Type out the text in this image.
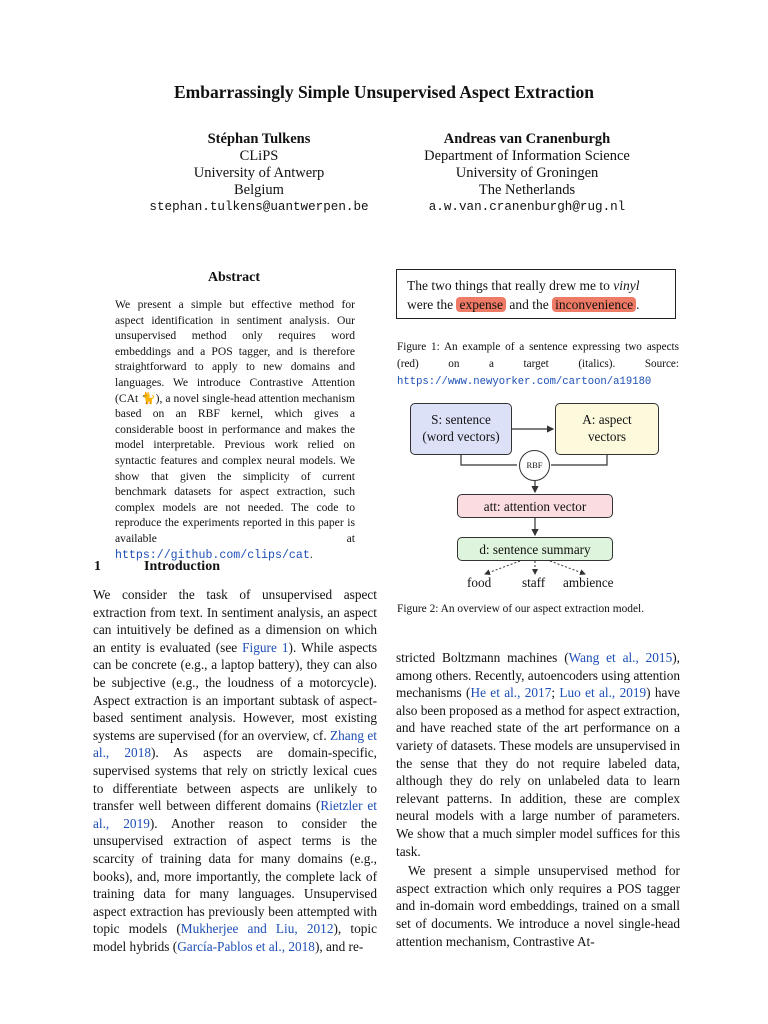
Embarrassingly Simple Unsupervised Aspect Extraction
Stéphan Tulkens
CLiPS
University of Antwerp
Belgium
stephan.tulkens@uantwerpen.be
Andreas van Cranenburgh
Department of Information Science
University of Groningen
The Netherlands
a.w.van.cranenburgh@rug.nl
Abstract
We present a simple but effective method for aspect identification in sentiment analysis. Our unsupervised method only requires word embeddings and a POS tagger, and is therefore straightforward to apply to new domains and languages. We introduce Contrastive Attention (CAt 🐈), a novel single-head attention mechanism based on an RBF kernel, which gives a considerable boost in performance and makes the model interpretable. Previous work relied on syntactic features and complex neural models. We show that given the simplicity of current benchmark datasets for aspect extraction, such complex models are not needed. The code to reproduce the experiments reported in this paper is available at https://github.com/clips/cat.
1	Introduction
We consider the task of unsupervised aspect extraction from text. In sentiment analysis, an aspect can intuitively be defined as a dimension on which an entity is evaluated (see Figure 1). While aspects can be concrete (e.g., a laptop battery), they can also be subjective (e.g., the loudness of a motorcycle). Aspect extraction is an important subtask of aspect-based sentiment analysis. However, most existing systems are supervised (for an overview, cf. Zhang et al., 2018). As aspects are domain-specific, supervised systems that rely on strictly lexical cues to differentiate between aspects are unlikely to transfer well between different domains (Rietzler et al., 2019). Another reason to consider the unsupervised extraction of aspect terms is the scarcity of training data for many domains (e.g., books), and, more importantly, the complete lack of training data for many languages. Unsupervised aspect extraction has previously been attempted with topic models (Mukherjee and Liu, 2012), topic model hybrids (García-Pablos et al., 2018), and re-
The two things that really drew me to vinyl
were the expense and the inconvenience .
Figure 1: An example of a sentence expressing two aspects (red) on a target (italics). Source: https://www.newyorker.com/cartoon/a19180
S: sentence
(word vectors)
A: aspect
vectors
RBF
att: attention vector
d: sentence summary
food staff ambience
Figure 2: An overview of our aspect extraction model.

stricted Boltzmann machines (Wang et al., 2015), among others. Recently, autoencoders using attention mechanisms (He et al., 2017; Luo et al., 2019) have also been proposed as a method for aspect extraction, and have reached state of the art performance on a variety of datasets. These models are unsupervised in the sense that they do not require labeled data, although they do rely on unlabeled data to learn relevant patterns. In addition, these are complex neural models with a large number of parameters. We show that a much simpler model suffices for this task.

We present a simple unsupervised method for aspect extraction which only requires a POS tagger and in-domain word embeddings, trained on a small set of documents. We introduce a novel single-head attention mechanism, Contrastive At-
